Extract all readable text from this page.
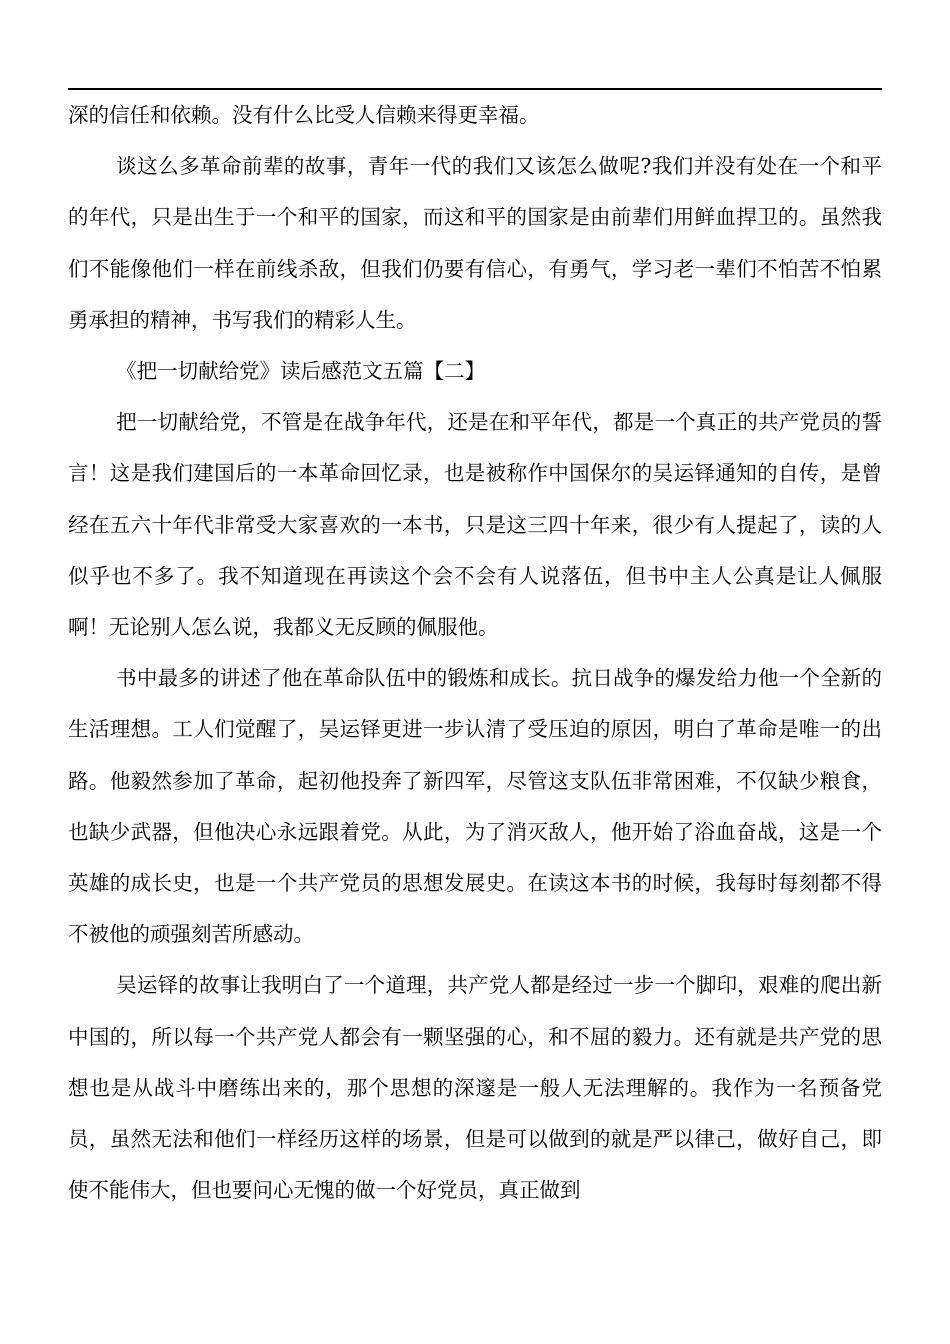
深的信任和依赖。没有什么比受人信赖来得更幸福。

谈这么多革命前辈的故事，青年一代的我们又该怎么做呢?我们并没有处在一个和平的年代，只是出生于一个和平的国家，而这和平的国家是由前辈们用鲜血捍卫的。虽然我们不能像他们一样在前线杀敌，但我们仍要有信心，有勇气，学习老一辈们不怕苦不怕累勇承担的精神，书写我们的精彩人生。

《把一切献给党》读后感范文五篇【二】

把一切献给党，不管是在战争年代，还是在和平年代，都是一个真正的共产党员的誓言！这是我们建国后的一本革命回忆录，也是被称作中国保尔的吴运铎通知的自传，是曾经在五六十年代非常受大家喜欢的一本书，只是这三四十年来，很少有人提起了，读的人似乎也不多了。我不知道现在再读这个会不会有人说落伍，但书中主人公真是让人佩服啊！无论别人怎么说，我都义无反顾的佩服他。

书中最多的讲述了他在革命队伍中的锻炼和成长。抗日战争的爆发给力他一个全新的生活理想。工人们觉醒了，吴运铎更进一步认清了受压迫的原因，明白了革命是唯一的出路。他毅然参加了革命，起初他投奔了新四军，尽管这支队伍非常困难，不仅缺少粮食，也缺少武器，但他决心永远跟着党。从此，为了消灭敌人，他开始了浴血奋战，这是一个英雄的成长史，也是一个共产党员的思想发展史。在读这本书的时候，我每时每刻都不得不被他的顽强刻苦所感动。

吴运铎的故事让我明白了一个道理，共产党人都是经过一步一个脚印，艰难的爬出新中国的，所以每一个共产党人都会有一颗坚强的心，和不屈的毅力。还有就是共产党的思想也是从战斗中磨练出来的，那个思想的深邃是一般人无法理解的。我作为一名预备党员，虽然无法和他们一样经历这样的场景，但是可以做到的就是严以律己，做好自己，即使不能伟大，但也要问心无愧的做一个好党员，真正做到
